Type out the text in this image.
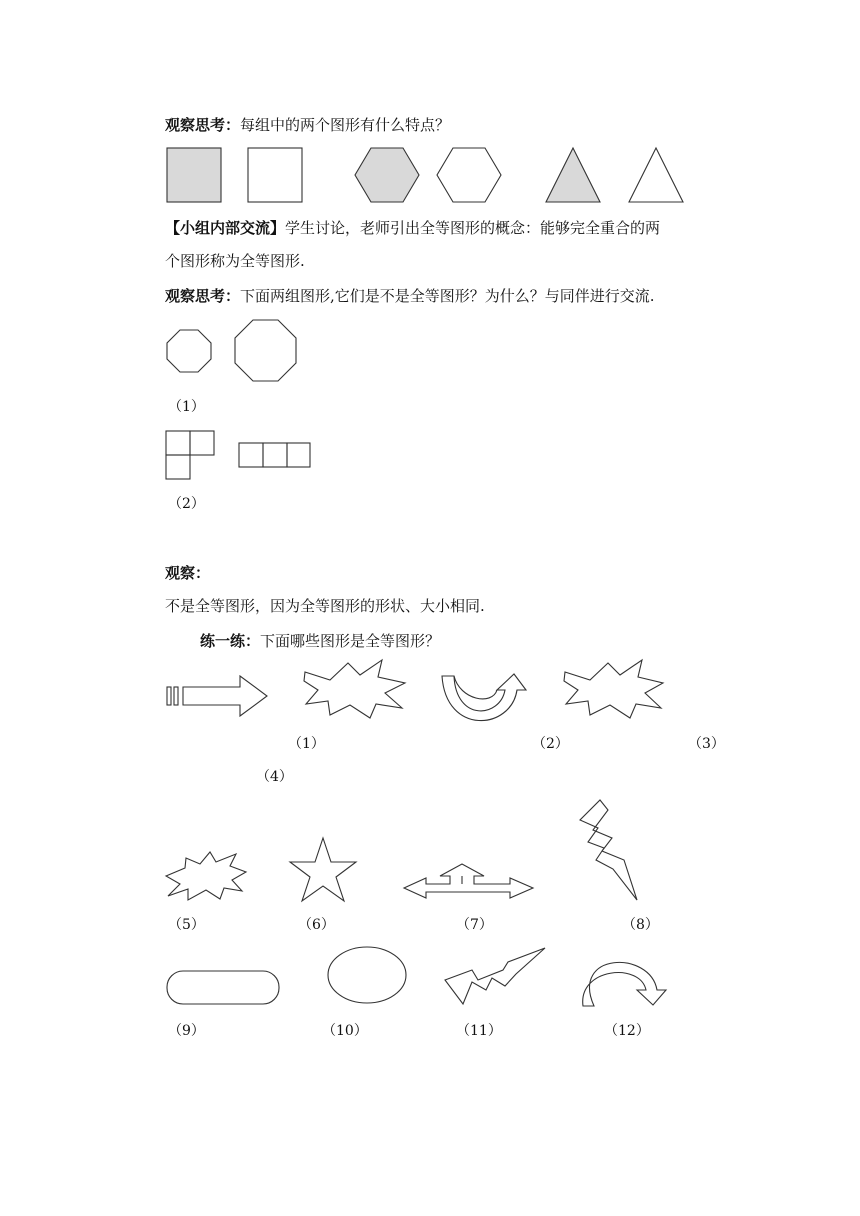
观察思考：每组中的两个图形有什么特点？
【小组内部交流】学生讨论，老师引出全等图形的概念：能够完全重合的两
个图形称为全等图形.
观察思考：下面两组图形,它们是不是全等图形？为什么？与同伴进行交流.
（1）
（2）
观察：
不是全等图形，因为全等图形的形状、大小相同.
练一练：下面哪些图形是全等图形？
（1）	（2）	（3）
（4）
（5）	（6）	（7）	（8）
（9）	（10）	（11）	（12）
